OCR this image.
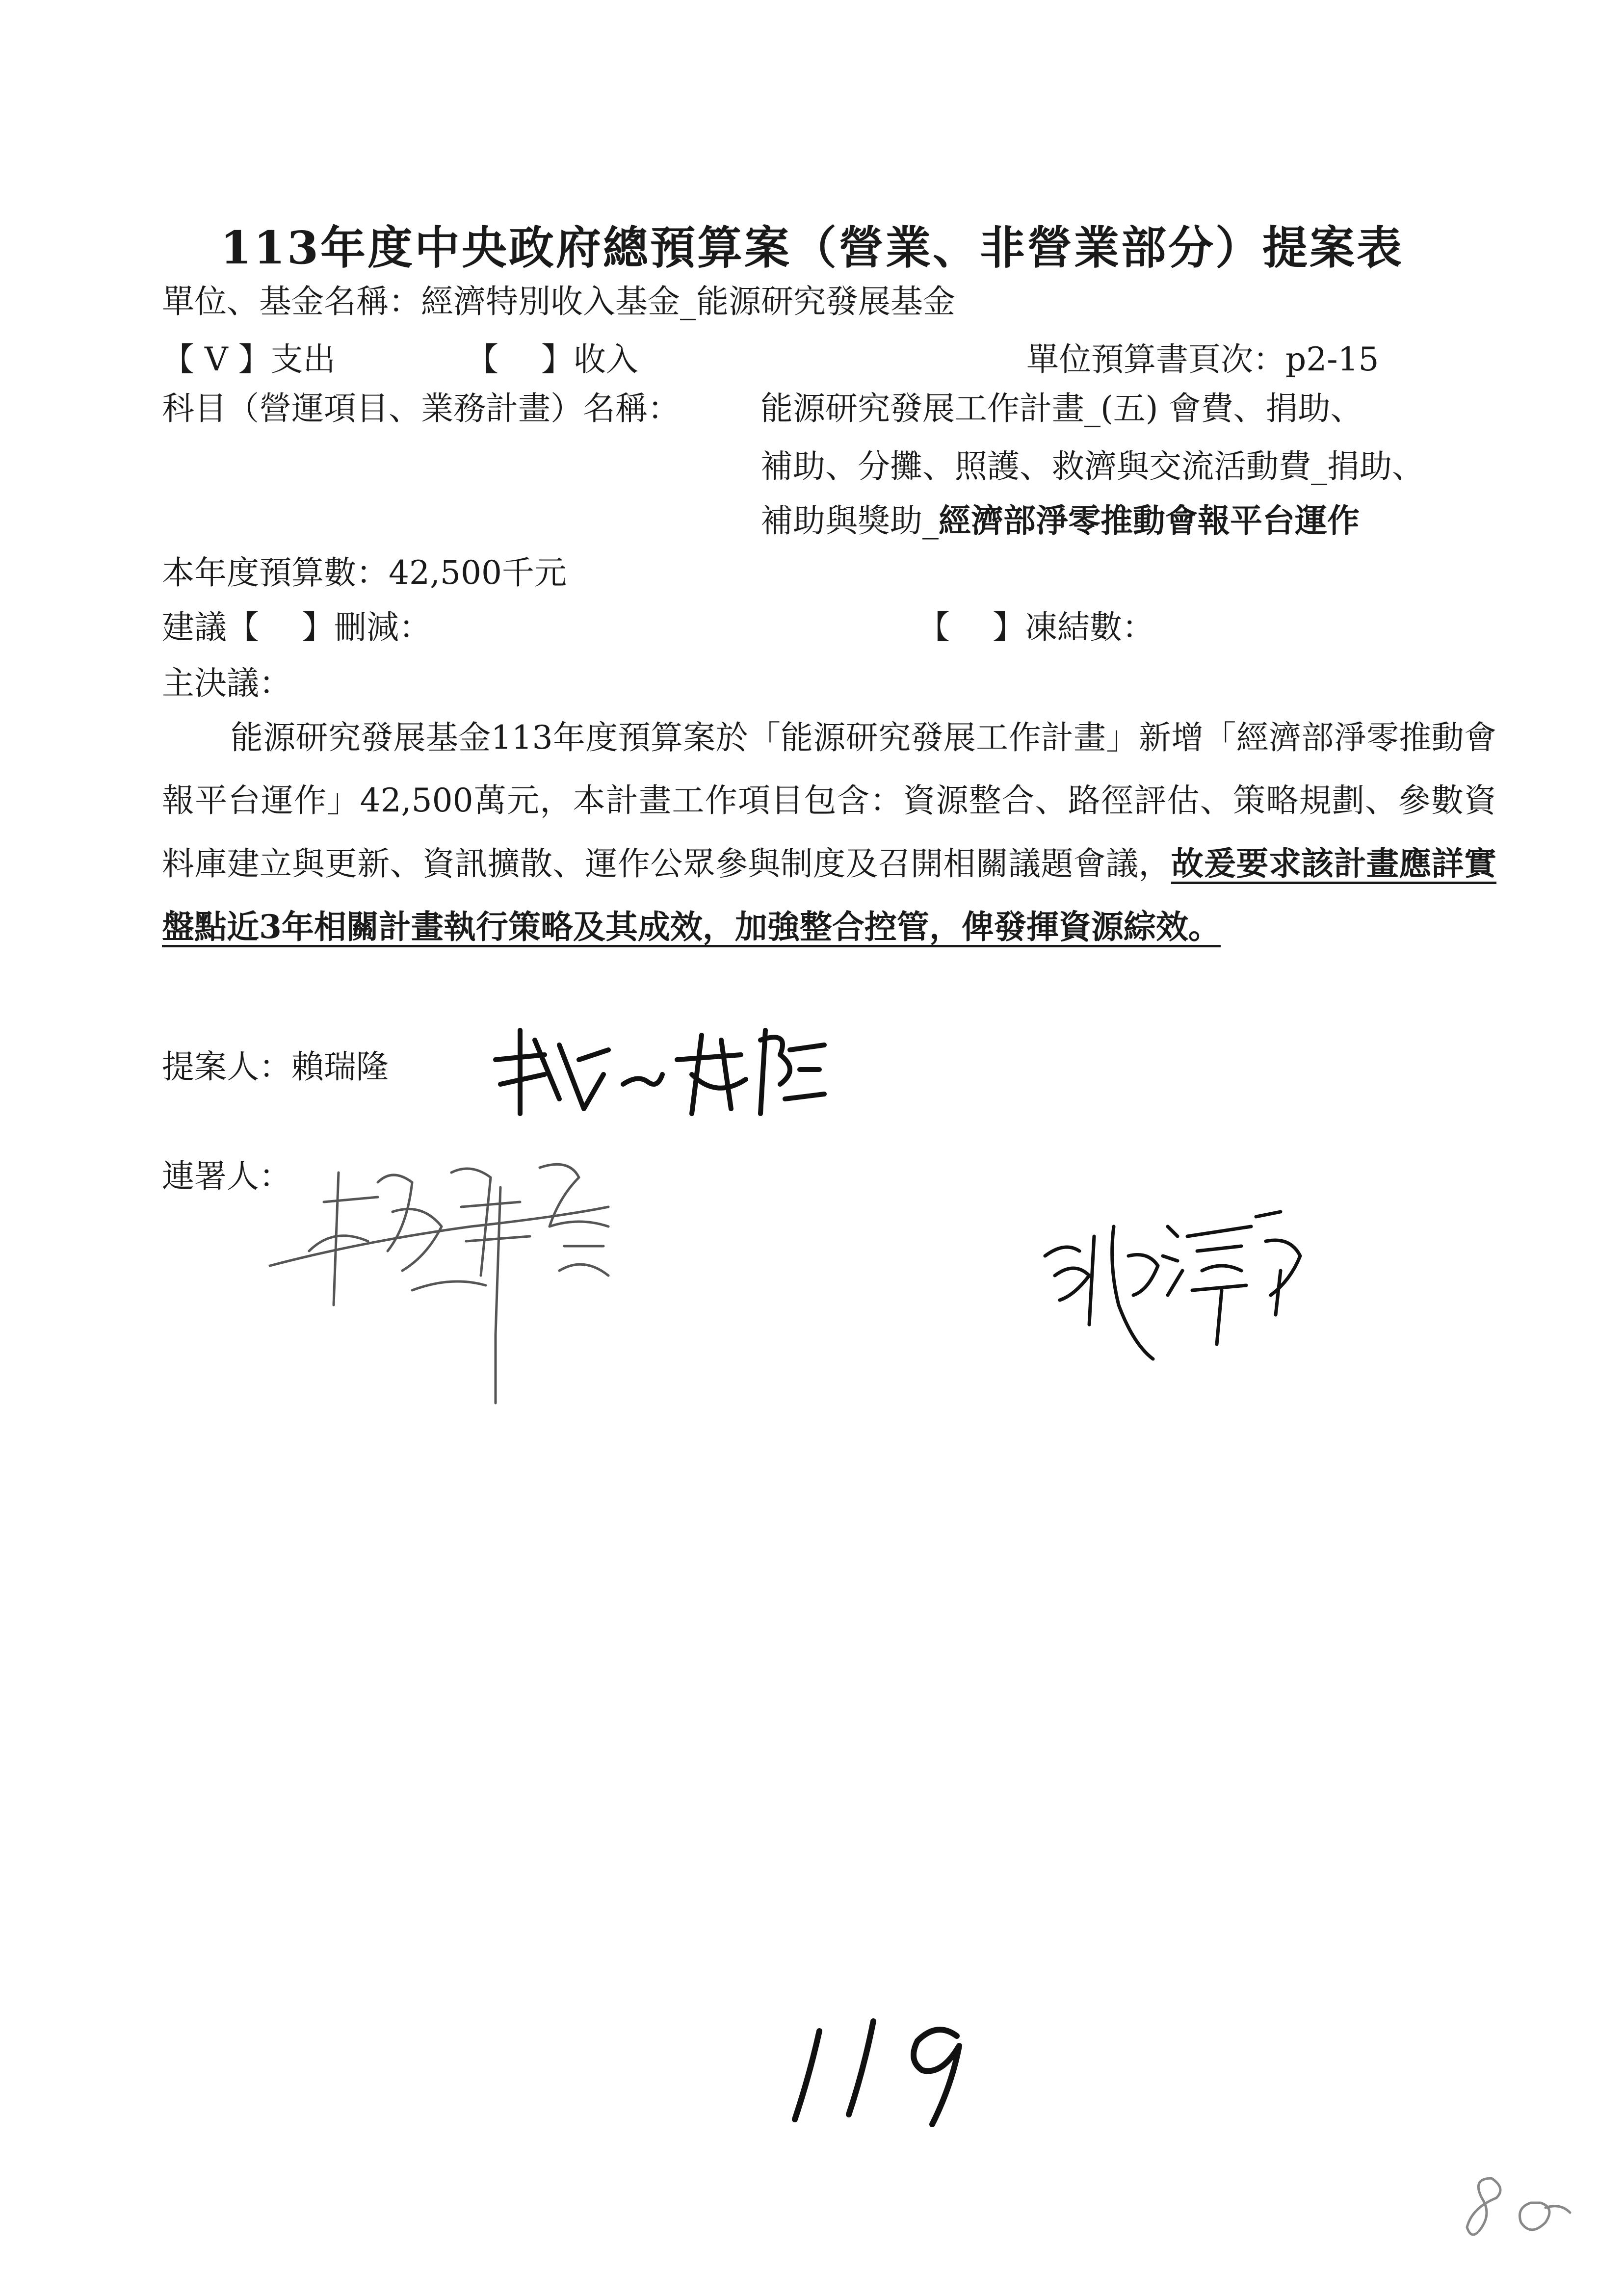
113年度中央政府總預算案（營業、非營業部分）提案表
單位、基金名稱：經濟特別收入基金_能源研究發展基金
【 V 】支出	【　 】收入	單位預算書頁次：p2-15
科目（營運項目、業務計畫）名稱： 能源研究發展工作計畫_(五) 會費、捐助、
補助、分攤、照護、救濟與交流活動費_捐助、
補助與獎助_經濟部淨零推動會報平台運作
本年度預算數：42,500千元
建議【　 】刪減：	【　 】凍結數：
主決議：

能源研究發展基金113年度預算案於「能源研究發展工作計畫」新增「經濟部淨零推動會報平台運作」42,500萬元，本計畫工作項目包含：資源整合、路徑評估、策略規劃、參數資料庫建立與更新、資訊擴散、運作公眾參與制度及召開相關議題會議，故爰要求該計畫應詳實盤點近3年相關計畫執行策略及其成效，加強整合控管，俾發揮資源綜效。

提案人：賴瑞隆
連署人：
